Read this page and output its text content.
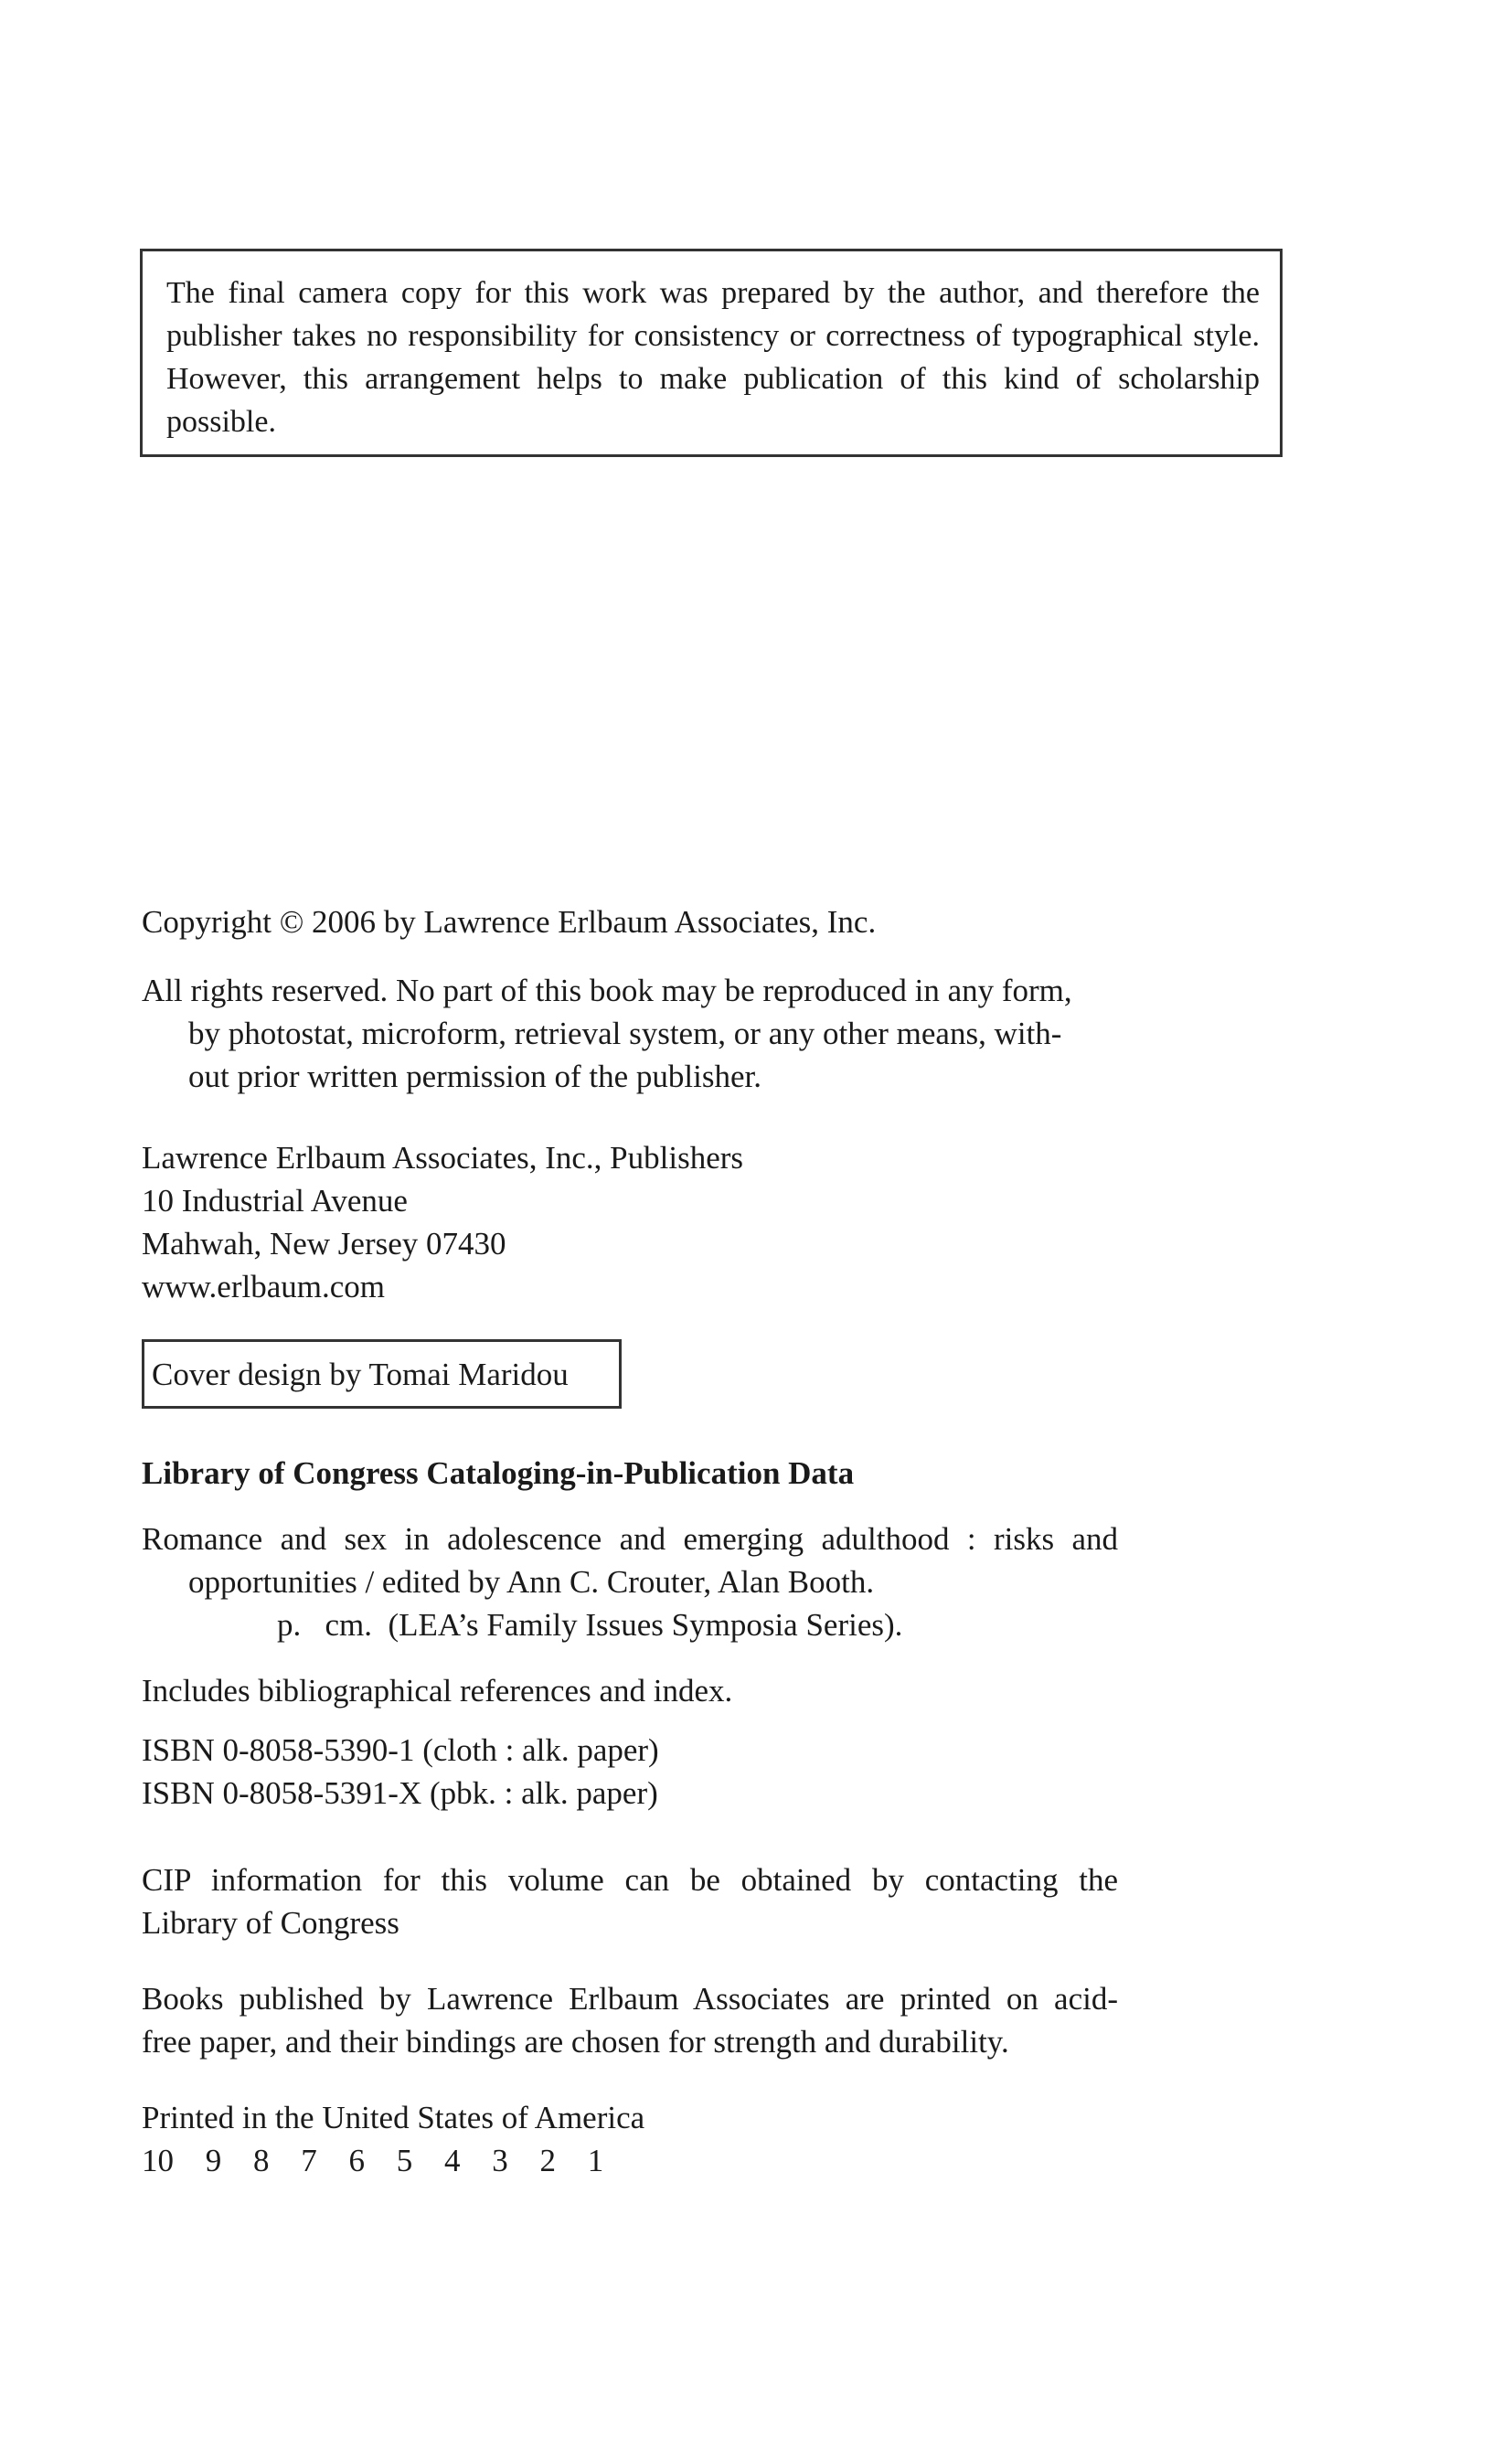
The final camera copy for this work was prepared by the author, and therefore the publisher takes no responsibility for consistency or correctness of typographical style. However, this arrangement helps to make publication of this kind of scholarship possible.

Copyright © 2006 by Lawrence Erlbaum Associates, Inc.
All rights reserved. No part of this book may be reproduced in any form,
by photostat, microform, retrieval system, or any other means, with-
out prior written permission of the publisher.
Lawrence Erlbaum Associates, Inc., Publishers
10 Industrial Avenue
Mahwah, New Jersey 07430
www.erlbaum.com
Cover design by Tomai Maridou
Library of Congress Cataloging-in-Publication Data
Romance and sex in adolescence and emerging adulthood : risks and
opportunities / edited by Ann C. Crouter, Alan Booth.
p.   cm.  (LEA’s Family Issues Symposia Series).
Includes bibliographical references and index.
ISBN 0-8058-5390-1 (cloth : alk. paper)
ISBN 0-8058-5391-X (pbk. : alk. paper)
CIP information for this volume can be obtained by contacting the
Library of Congress
Books published by Lawrence Erlbaum Associates are printed on acid-
free paper, and their bindings are chosen for strength and durability.
Printed in the United States of America
10 9 8 7 6 5 4 3 2 1
